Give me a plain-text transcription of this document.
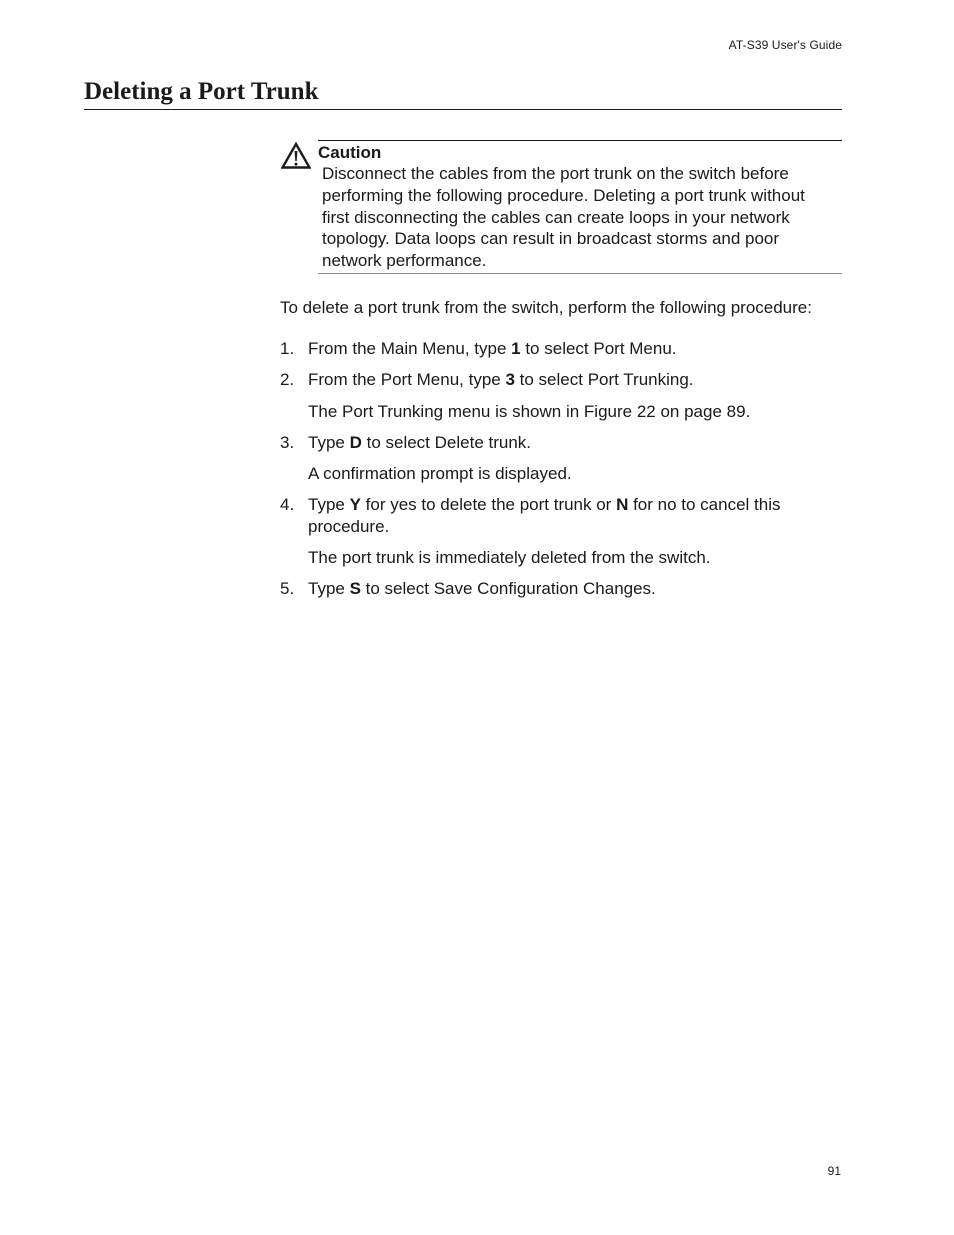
AT-S39 User's Guide
Deleting a Port Trunk
Caution
Disconnect the cables from the port trunk on the switch before
performing the following procedure. Deleting a port trunk without
first disconnecting the cables can create loops in your network
topology. Data loops can result in broadcast storms and poor
network performance.

To delete a port trunk from the switch, perform the following procedure:

1. From the Main Menu, type 1 to select Port Menu.
2. From the Port Menu, type 3 to select Port Trunking.
The Port Trunking menu is shown in Figure 22 on page 89.
3. Type D to select Delete trunk.
A confirmation prompt is displayed.
4. Type Y for yes to delete the port trunk or N for no to cancel this
procedure.
The port trunk is immediately deleted from the switch.
5. Type S to select Save Configuration Changes.
91
